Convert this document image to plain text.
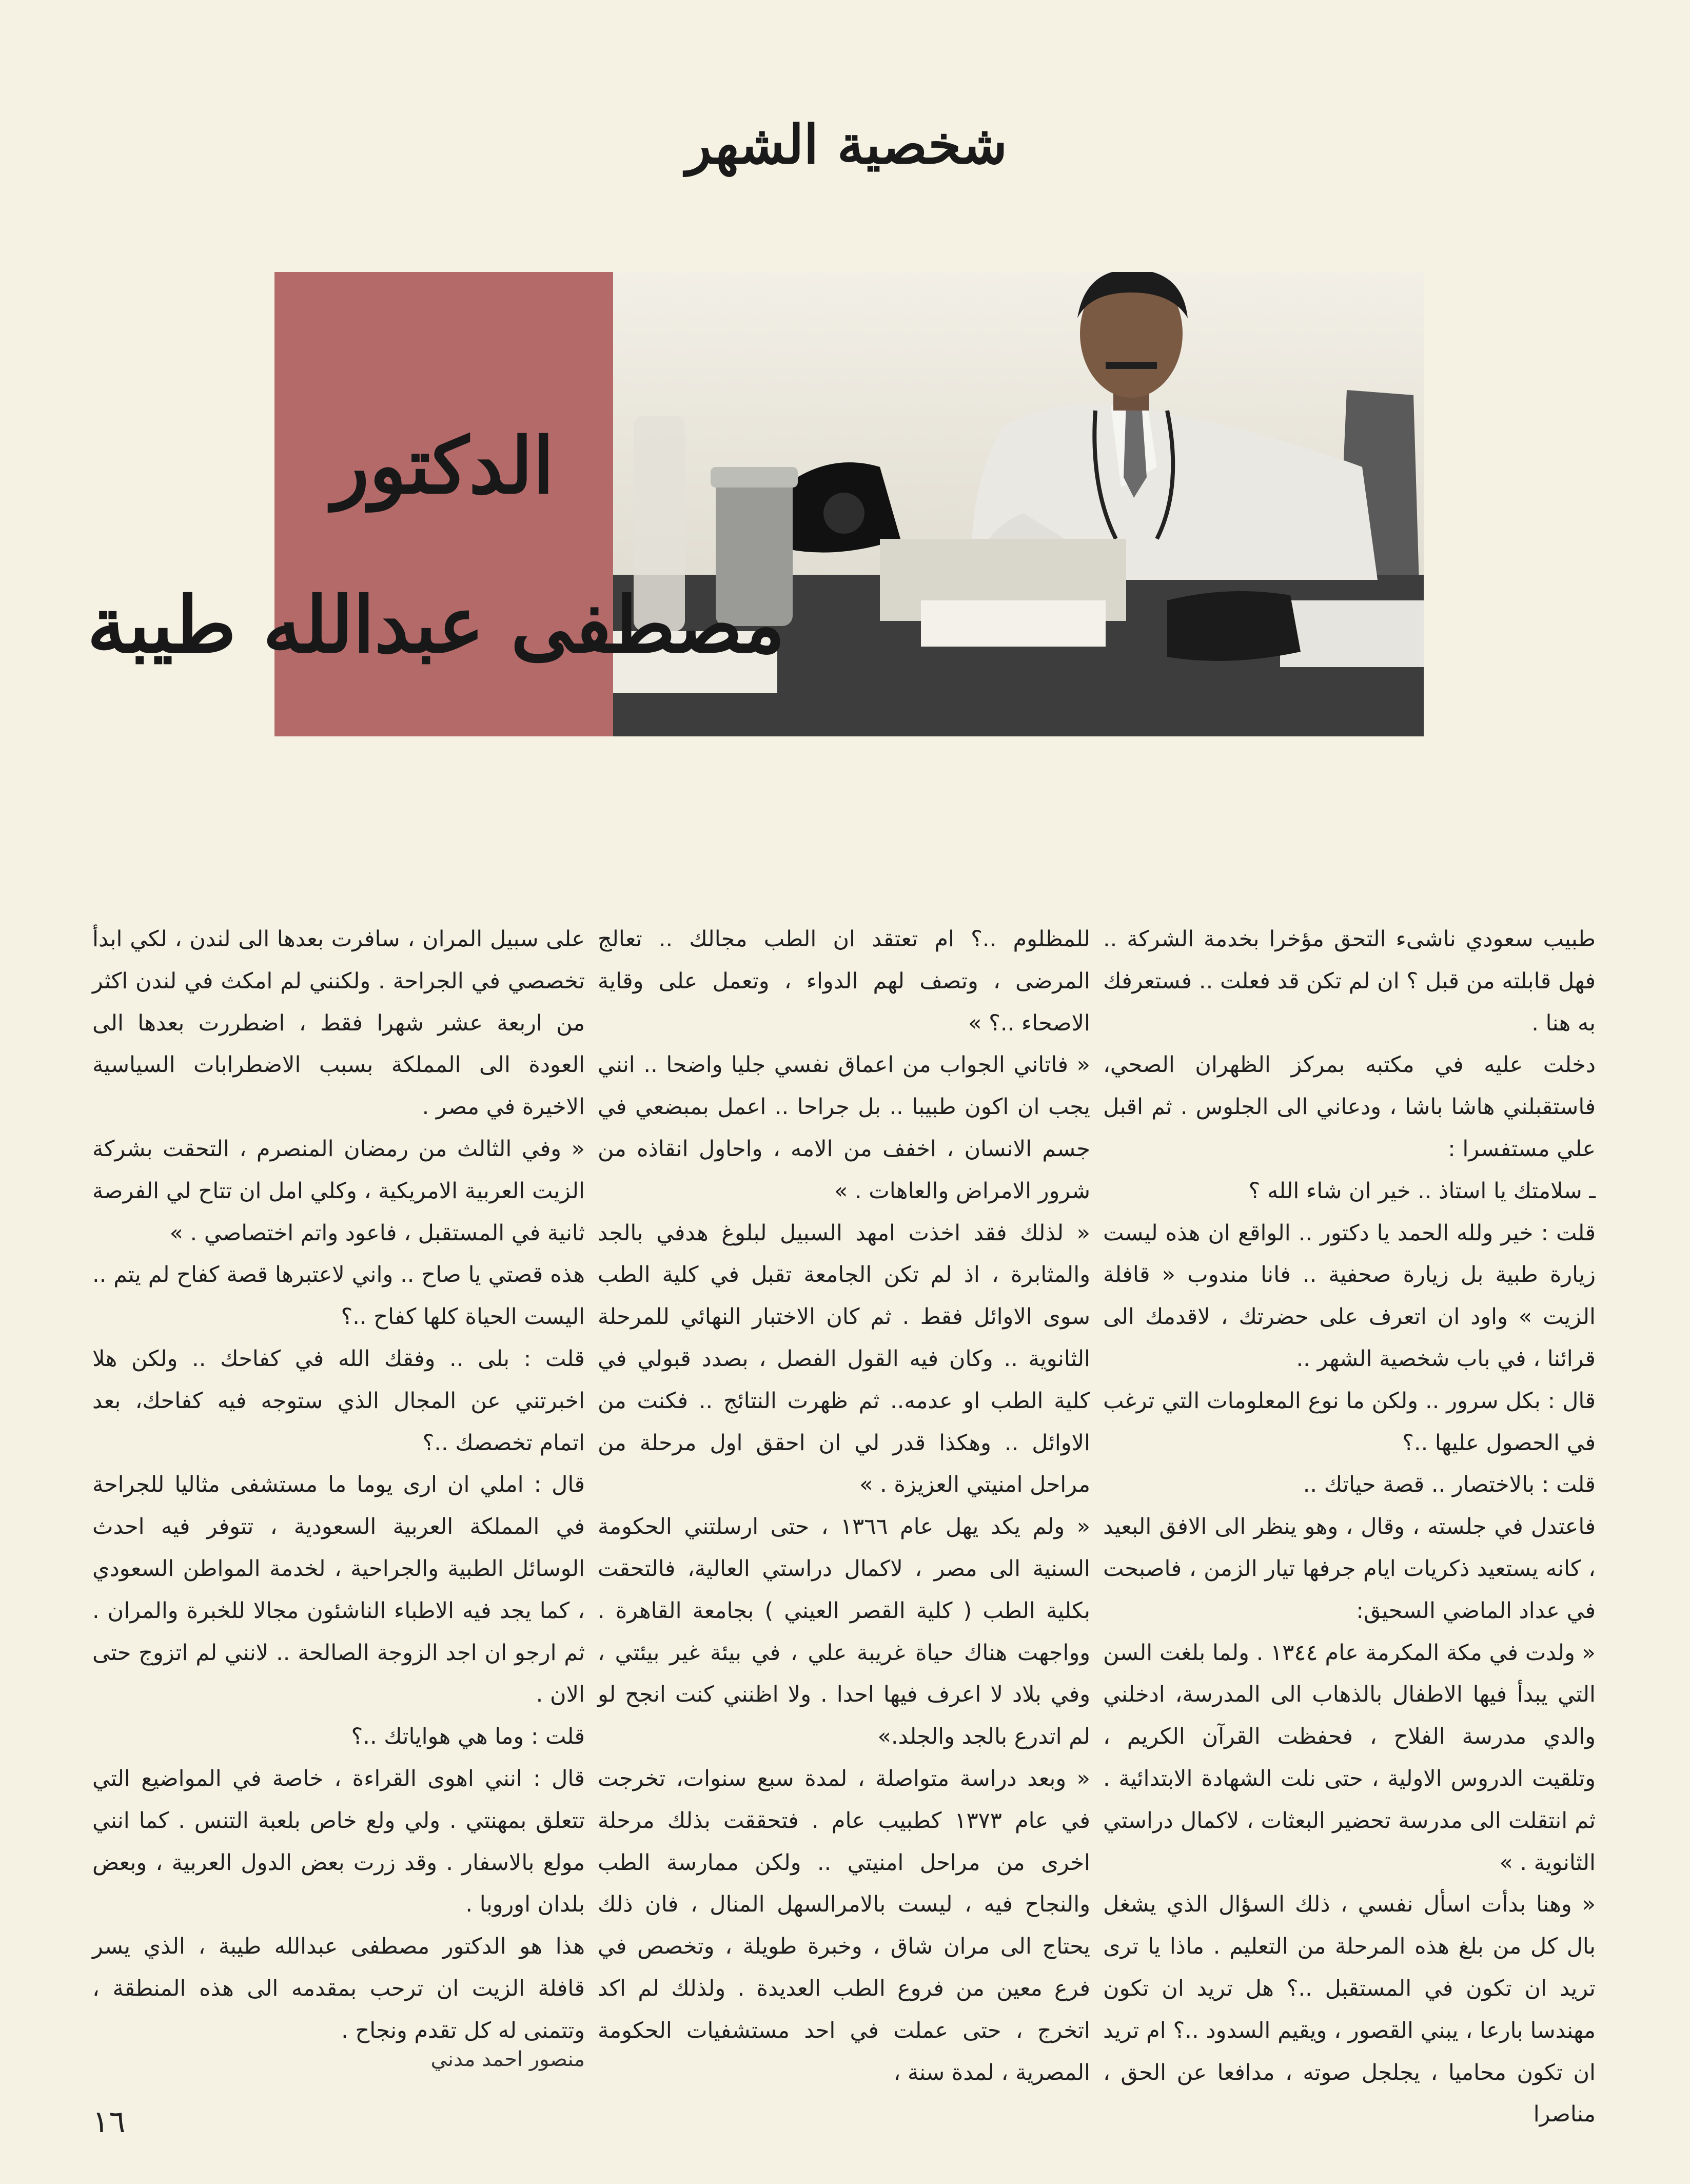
شخصية الشهر
الدكتور
مصطفى عبدالله طيبة

طبيب سعودي ناشىء التحق مؤخرا بخدمة الشركة .. فهل قابلته من قبل ؟ ان لم تكن قد فعلت .. فستعرفك به هنا .

دخلت عليه في مكتبه بمركز الظهران الصحي، فاستقبلني هاشا باشا ، ودعاني الى الجلوس . ثم اقبل علي مستفسرا :

ـ سلامتك يا استاذ .. خير ان شاء الله ؟

قلت : خير ولله الحمد يا دكتور .. الواقع ان هذه ليست زيارة طبية بل زيارة صحفية .. فانا مندوب « قافلة الزيت » واود ان اتعرف على حضرتك ، لاقدمك الى قرائنا ، في باب شخصية الشهر ..

قال : بكل سرور .. ولكن ما نوع المعلومات التي ترغب في الحصول عليها ..؟

قلت : بالاختصار .. قصة حياتك ..

فاعتدل في جلسته ، وقال ، وهو ينظر الى الافق البعيد ، كانه يستعيد ذكريات ايام جرفها تيار الزمن ، فاصبحت في عداد الماضي السحيق:

« ولدت في مكة المكرمة عام ١٣٤٤ . ولما بلغت السن التي يبدأ فيها الاطفال بالذهاب الى المدرسة، ادخلني والدي مدرسة الفلاح ، فحفظت القرآن الكريم ، وتلقيت الدروس الاولية ، حتى نلت الشهادة الابتدائية . ثم انتقلت الى مدرسة تحضير البعثات ، لاكمال دراستي الثانوية . »

« وهنا بدأت اسأل نفسي ، ذلك السؤال الذي يشغل بال كل من بلغ هذه المرحلة من التعليم . ماذا يا ترى تريد ان تكون في المستقبل ..؟ هل تريد ان تكون مهندسا بارعا ، يبني القصور ، ويقيم السدود ..؟ ام تريد ان تكون محاميا ، يجلجل صوته ، مدافعا عن الحق ، مناصرا

للمظلوم ..؟ ام تعتقد ان الطب مجالك .. تعالج المرضى ، وتصف لهم الدواء ، وتعمل على وقاية الاصحاء ..؟ »

« فاتاني الجواب من اعماق نفسي جليا واضحا .. انني يجب ان اكون طبيبا .. بل جراحا .. اعمل بمبضعي في جسم الانسان ، اخفف من الامه ، واحاول انقاذه من شرور الامراض والعاهات . »

« لذلك فقد اخذت امهد السبيل لبلوغ هدفي بالجد والمثابرة ، اذ لم تكن الجامعة تقبل في كلية الطب سوى الاوائل فقط . ثم كان الاختبار النهائي للمرحلة الثانوية .. وكان فيه القول الفصل ، بصدد قبولي في كلية الطب او عدمه.. ثم ظهرت النتائج .. فكنت من الاوائل .. وهكذا قدر لي ان احقق اول مرحلة من مراحل امنيتي العزيزة . »

« ولم يكد يهل عام ١٣٦٦ ، حتى ارسلتني الحكومة السنية الى مصر ، لاكمال دراستي العالية، فالتحقت بكلية الطب ( كلية القصر العيني ) بجامعة القاهرة . وواجهت هناك حياة غريبة علي ، في بيئة غير بيئتي ، وفي بلاد لا اعرف فيها احدا . ولا اظنني كنت انجح لو لم اتدرع بالجد والجلد.»

« وبعد دراسة متواصلة ، لمدة سبع سنوات، تخرجت في عام ١٣٧٣ كطبيب عام . فتحققت بذلك مرحلة اخرى من مراحل امنيتي .. ولكن ممارسة الطب والنجاح فيه ، ليست بالامرالسهل المنال ، فان ذلك يحتاج الى مران شاق ، وخبرة طويلة ، وتخصص في فرع معين من فروع الطب العديدة . ولذلك لم اكد اتخرج ، حتى عملت في احد مستشفيات الحكومة المصرية ، لمدة سنة ،

على سبيل المران ، سافرت بعدها الى لندن ، لكي ابدأ تخصصي في الجراحة . ولكنني لم امكث في لندن اكثر من اربعة عشر شهرا فقط ، اضطررت بعدها الى العودة الى المملكة بسبب الاضطرابات السياسية الاخيرة في مصر .

« وفي الثالث من رمضان المنصرم ، التحقت بشركة الزيت العربية الامريكية ، وكلي امل ان تتاح لي الفرصة ثانية في المستقبل ، فاعود واتم اختصاصي . »

هذه قصتي يا صاح .. واني لاعتبرها قصة كفاح لم يتم .. اليست الحياة كلها كفاح ..؟

قلت : بلى .. وفقك الله في كفاحك .. ولكن هلا اخبرتني عن المجال الذي ستوجه فيه كفاحك، بعد اتمام تخصصك ..؟

قال : املي ان ارى يوما ما مستشفى مثاليا للجراحة في المملكة العربية السعودية ، تتوفر فيه احدث الوسائل الطبية والجراحية ، لخدمة المواطن السعودي ، كما يجد فيه الاطباء الناشئون مجالا للخبرة والمران . ثم ارجو ان اجد الزوجة الصالحة .. لانني لم اتزوج حتى الان .

قلت : وما هي هواياتك ..؟

قال : انني اهوى القراءة ، خاصة في المواضيع التي تتعلق بمهنتي . ولي ولع خاص بلعبة التنس . كما انني مولع بالاسفار . وقد زرت بعض الدول العربية ، وبعض بلدان اوروبا .

هذا هو الدكتور مصطفى عبدالله طيبة ، الذي يسر قافلة الزيت ان ترحب بمقدمه الى هذه المنطقة ، وتتمنى له كل تقدم ونجاح .

منصور احمد مدني
١٦
